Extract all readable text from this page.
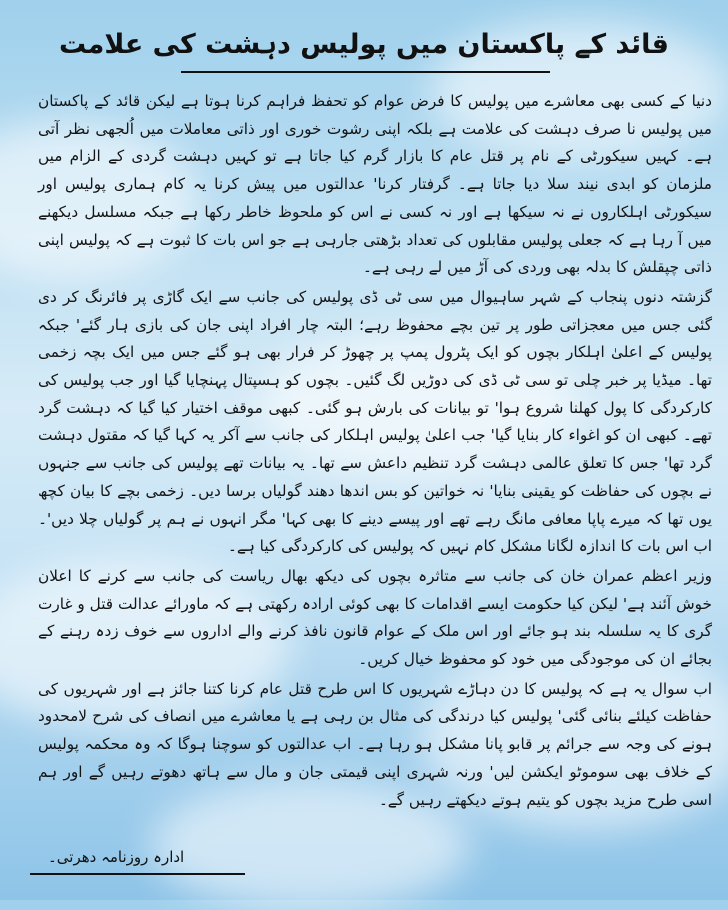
قائد کے پاکستان میں پولیس دہشت کی علامت

دنیا کے کسی بھی معاشرے میں پولیس کا فرض عوام کو تحفظ فراہم کرنا ہوتا ہے لیکن قائد کے پاکستان میں پولیس نا صرف دہشت کی علامت ہے بلکہ اپنی رشوت خوری اور ذاتی معاملات میں اُلجھی نظر آتی ہے۔ کہیں سیکورٹی کے نام پر قتل عام کا بازار گرم کیا جاتا ہے تو کہیں دہشت گردی کے الزام میں ملزمان کو ابدی نیند سلا دیا جاتا ہے۔ گرفتار کرنا' عدالتوں میں پیش کرنا یہ کام ہماری پولیس اور سیکورٹی اہلکاروں نے نہ سیکھا ہے اور نہ کسی نے اس کو ملحوظ خاطر رکھا ہے جبکہ مسلسل دیکھنے میں آ رہا ہے کہ جعلی پولیس مقابلوں کی تعداد بڑھتی جارہی ہے جو اس بات کا ثبوت ہے کہ پولیس اپنی ذاتی چپقلش کا بدلہ بھی وردی کی آڑ میں لے رہی ہے۔

گزشتہ دنوں پنجاب کے شہر ساہیوال میں سی ٹی ڈی پولیس کی جانب سے ایک گاڑی پر فائرنگ کر دی گئی جس میں معجزاتی طور پر تین بچے محفوظ رہے؛ البتہ چار افراد اپنی جان کی بازی ہار گئے' جبکہ پولیس کے اعلیٰ اہلکار بچوں کو ایک پٹرول پمپ پر چھوڑ کر فرار بھی ہو گئے جس میں ایک بچہ زخمی تھا۔ میڈیا پر خبر چلی تو سی ٹی ڈی کی دوڑیں لگ گئیں۔ بچوں کو ہسپتال پہنچایا گیا اور جب پولیس کی کارکردگی کا پول کھلنا شروع ہوا' تو بیانات کی بارش ہو گئی۔ کبھی موقف اختیار کیا گیا کہ دہشت گرد تھے۔ کبھی ان کو اغواء کار بنایا گیا' جب اعلیٰ پولیس اہلکار کی جانب سے آکر یہ کہا گیا کہ مقتول دہشت گرد تھا' جس کا تعلق عالمی دہشت گرد تنظیم داعش سے تھا۔ یہ بیانات تھے پولیس کی جانب سے جنہوں نے بچوں کی حفاظت کو یقینی بنایا' نہ خواتین کو بس اندھا دھند گولیاں برسا دیں۔ زخمی بچے کا بیان کچھ یوں تھا کہ میرے پاپا معافی مانگ رہے تھے اور پیسے دینے کا بھی کہا' مگر انہوں نے ہم پر گولیاں چلا دیں'۔ اب اس بات کا اندازہ لگانا مشکل کام نہیں کہ پولیس کی کارکردگی کیا ہے۔

وزیر اعظم عمران خان کی جانب سے متاثرہ بچوں کی دیکھ بھال ریاست کی جانب سے کرنے کا اعلان خوش آئند ہے' لیکن کیا حکومت ایسے اقدامات کا بھی کوئی ارادہ رکھتی ہے کہ ماورائے عدالت قتل و غارت گری کا یہ سلسلہ بند ہو جائے اور اس ملک کے عوام قانون نافذ کرنے والے اداروں سے خوف زدہ رہنے کے بجائے ان کی موجودگی میں خود کو محفوظ خیال کریں۔

اب سوال یہ ہے کہ پولیس کا دن دہاڑے شہریوں کا اس طرح قتل عام کرنا کتنا جائز ہے اور شہریوں کی حفاظت کیلئے بنائی گئی' پولیس کیا درندگی کی مثال بن رہی ہے یا معاشرے میں انصاف کی شرح لامحدود ہونے کی وجہ سے جرائم پر قابو پانا مشکل ہو رہا ہے۔ اب عدالتوں کو سوچنا ہوگا کہ وہ محکمہ پولیس کے خلاف بھی سوموٹو ایکشن لیں' ورنہ شہری اپنی قیمتی جان و مال سے ہاتھ دھوتے رہیں گے اور ہم اسی طرح مزید بچوں کو یتیم ہوتے دیکھتے رہیں گے۔

ادارہ روزنامہ دھرتی۔
